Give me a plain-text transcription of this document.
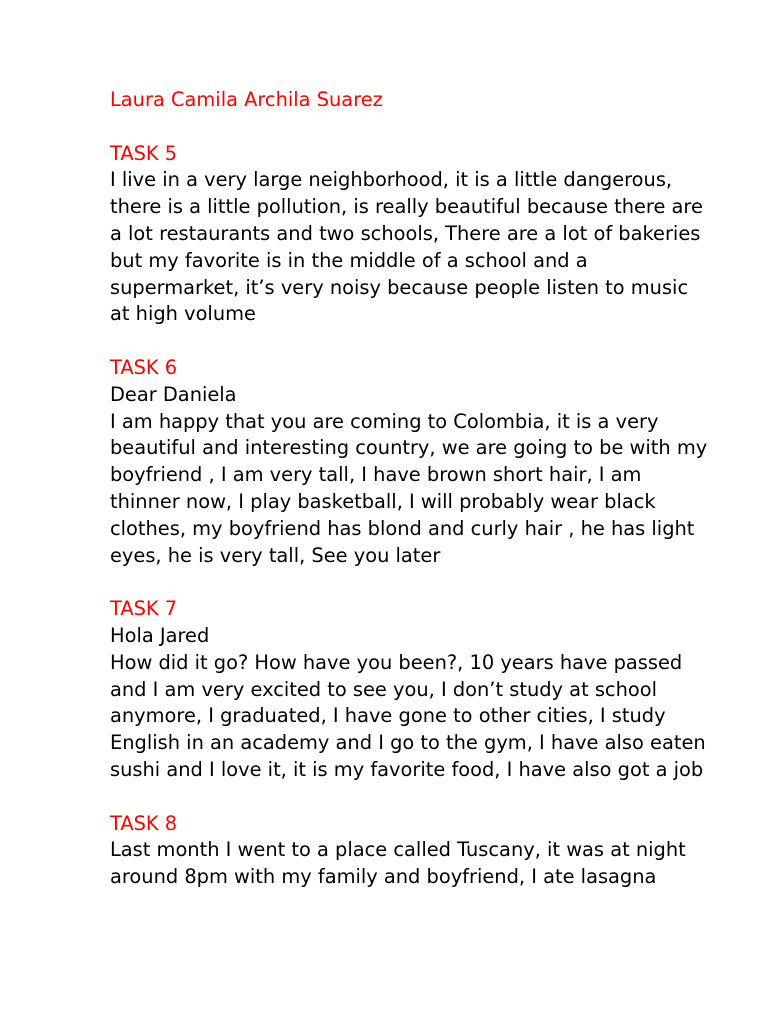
Laura Camila Archila Suarez

TASK 5

I live in a very large neighborhood, it is a little dangerous, there is a little pollution, is really beautiful because there are a lot restaurants and two schools, There are a lot of bakeries but my favorite is in the middle of a school and a supermarket, it’s very noisy because people listen to music at high volume

TASK 6

Dear Daniela

I am happy that you are coming to Colombia, it is a very beautiful and interesting country, we are going to be with my boyfriend , I am very tall, I have brown short hair, I am thinner now, I play basketball, I will probably wear black clothes, my boyfriend has blond and curly hair , he has light eyes, he is very tall, See you later

TASK 7

Hola Jared

How did it go? How have you been?, 10 years have passed and I am very excited to see you, I don’t study at school anymore, I graduated, I have gone to other cities, I study English in an academy and I go to the gym, I have also eaten sushi and I love it, it is my favorite food, I have also got a job

TASK 8

Last month I went to a place called Tuscany, it was at night around 8pm with my family and boyfriend, I ate lasagna
